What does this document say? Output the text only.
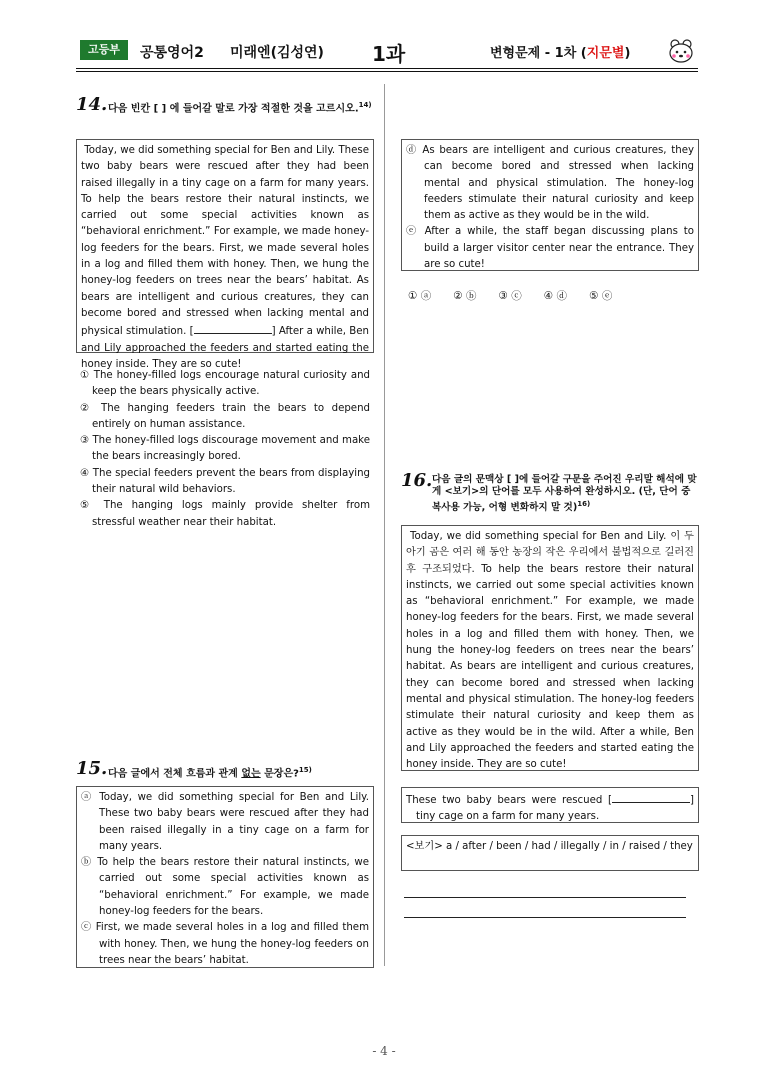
고등부	공통영어2 미래엔(김성연) 1과	변형문제 - 1차 (지문별)
14. 다음 빈칸 [ ] 에 들어갈 말로 가장 적절한 것을 고르시오.$^{14)}$

Today, we did something special for Ben and Lily. These two baby bears were rescued after they had been raised illegally in a tiny cage on a farm for many years. To help the bears restore their natural instincts, we carried out some special activities known as “behavioral enrichment.” For example, we made honey-log feeders for the bears. First, we made several holes in a log and filled them with honey. Then, we hung the honey-log feeders on trees near the bears’ habitat. As bears are intelligent and curious creatures, they can become bored and stressed when lacking mental and physical stimulation. [	] After a while, Ben and Lily approached the feeders and started eating the honey inside. They are so cute!

① The honey-filled logs encourage natural curiosity and keep the bears physically active.

② The hanging feeders train the bears to depend entirely on human assistance.

③ The honey-filled logs discourage movement and make the bears increasingly bored.

④ The special feeders prevent the bears from displaying their natural wild behaviors.

⑤ The hanging logs mainly provide shelter from stressful weather near their habitat.

15. 다음 글에서 전체 흐름과 관계 없는 문장은?$^{15)}$

ⓐ Today, we did something special for Ben and Lily. These two baby bears were rescued after they had been raised illegally in a tiny cage on a farm for many years.

ⓑ To help the bears restore their natural instincts, we carried out some special activities known as “behavioral enrichment.” For example, we made honey-log feeders for the bears.

ⓒ First, we made several holes in a log and filled them with honey. Then, we hung the honey-log feeders on trees near the bears’ habitat.

ⓓ As bears are intelligent and curious creatures, they can become bored and stressed when lacking mental and physical stimulation. The honey-log feeders stimulate their natural curiosity and keep them as active as they would be in the wild.

ⓔ After a while, the staff began discussing plans to build a larger visitor center near the entrance. They are so cute!

① ⓐ ② ⓑ ③ ⓒ ④ ⓓ ⑤ ⓔ
16. 다음 글의 문맥상 [ ]에 들어갈 구문을 주어진 우리말 해석에 맞게 <보기>의 단어를 모두 사용하여 완성하시오. (단, 단어 중복사용 가능, 어형 변화하지 말 것)$^{16)}$

Today, we did something special for Ben and Lily. 이 두 아기 곰은 여러 해 동안 농장의 작은 우리에서 불법적으로 길러진 후 구조되었다. To help the bears restore their natural instincts, we carried out some special activities known as “behavioral enrichment.” For example, we made honey-log feeders for the bears. First, we made several holes in a log and filled them with honey. Then, we hung the honey-log feeders on trees near the bears’ habitat. As bears are intelligent and curious creatures, they can become bored and stressed when lacking mental and physical stimulation. The honey-log feeders stimulate their natural curiosity and keep them as active as they would be in the wild. After a while, Ben and Lily approached the feeders and started eating the honey inside. They are so cute!

These two baby bears were rescued [	] tiny cage on a farm for many years.

<보기> a / after / been / had / illegally / in / raised / they

- 4 -
